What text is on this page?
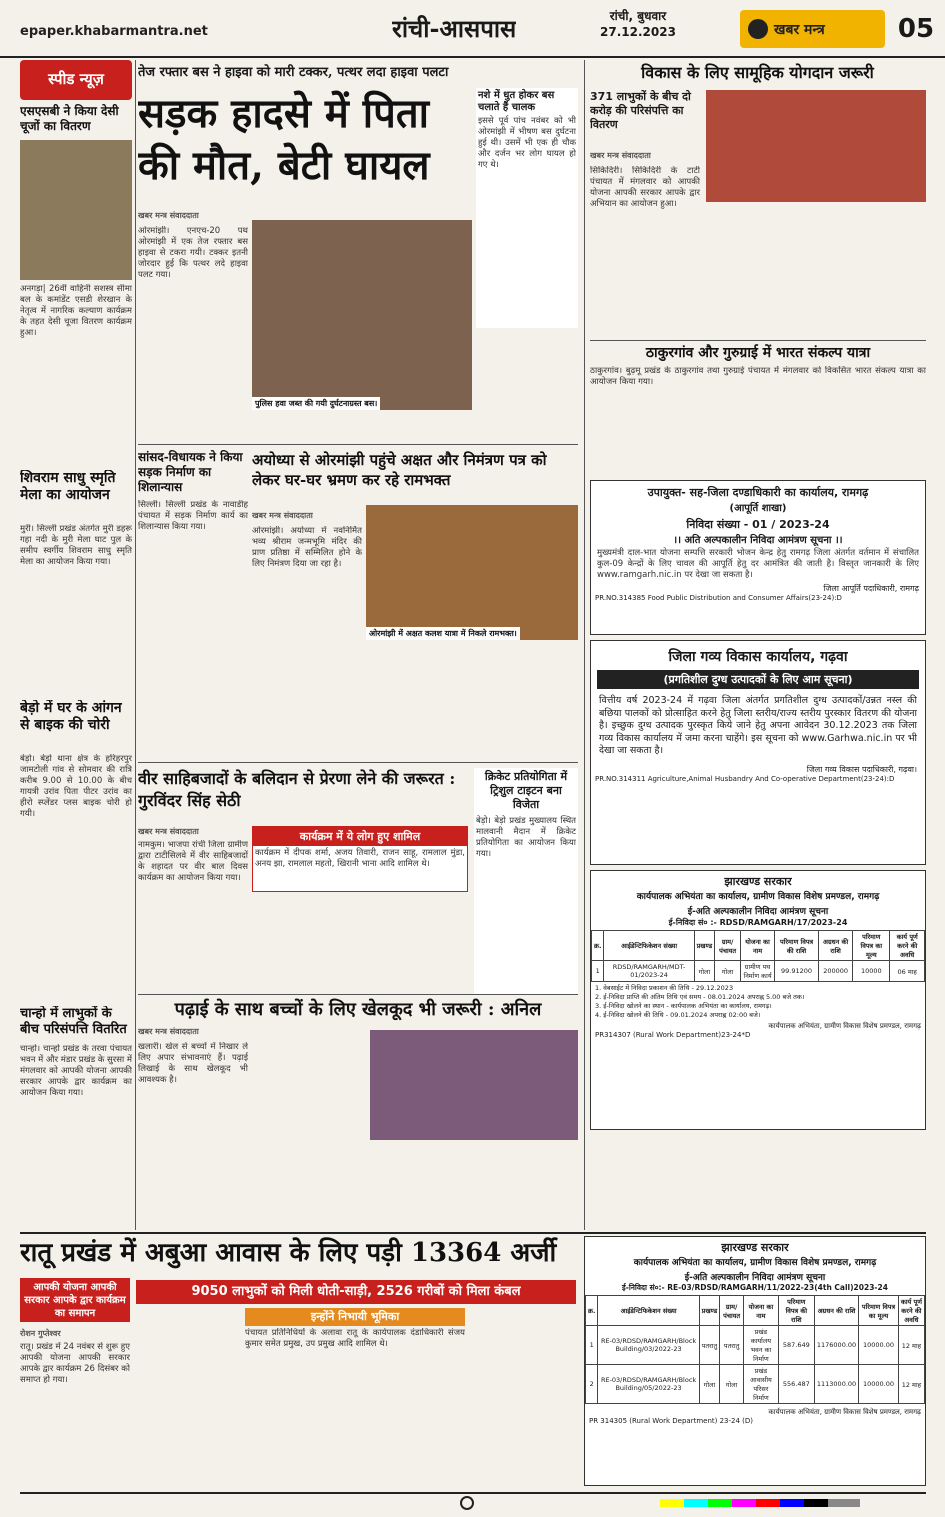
epaper.khabarmantra.net	रांची-आसपास	रांची, बुधवार
27.12.2023	खबर मन्त्र	05
स्पीड न्यूज़
एसएसबी ने किया देसी चूजों का वितरण
अनगड़ा| 26वीं वाहिनी सशस्त्र सीमा बल के कमांडेंट एसडी शेरखान के नेतृत्व में नागरिक कल्याण कार्यक्रम के तहत देसी चूजा वितरण कार्यक्रम हुआ।
शिवराम साधु स्मृति मेला का आयोजन
मुरी। सिल्ली प्रखंड अंतर्गत मुरी डहरू गहा नदी के मुरी मेला घाट पुल के समीप स्वर्गीय शिवराम साधु स्मृति मेला का आयोजन किया गया।
बेड़ो में घर के आंगन से बाइक की चोरी
बेड़ो। बेड़ो थाना क्षेत्र के हरिहरपुर जामटोली गांव से सोमवार की रात्रि करीब 9.00 से 10.00 के बीच गायत्री उरांव पिता पीटर उरांव का हीरो स्प्लेंडर प्लस बाइक चोरी हो गयी।
चान्हो में लाभुकों के बीच परिसंपत्ति वितरित
चान्हो। चान्हो प्रखंड के तरवा पंचायत भवन में और मंडार प्रखंड के सुरसा में मंगलवार को आपकी योजना आपकी सरकार आपके द्वार कार्यक्रम का आयोजन किया गया।
तेज रफ्तार बस ने हाइवा को मारी टक्कर, पत्थर लदा हाइवा पलटा
सड़क हादसे में पिता की मौत, बेटी घायल
नशे में धुत होकर बस चलाते हैं चालक
इससे पूर्व पांच नवंबर को भी ओरमांझी में भीषण बस दुर्घटना हुई थी। उसमें भी एक ही चौक और दर्जन भर लोग घायल हो गए थे।
खबर मन्त्र संवाददाता
ओरमांझी। एनएच-20 पथ ओरमांझी में एक तेज रफ्तार बस हाइवा से टकरा गयी। टक्कर इतनी जोरदार हुई कि पत्थर लदे हाइवा पलट गया।
पुलिस हवा जब्त की गयी दुर्घटनाग्रस्त बस।
सांसद-विधायक ने किया सड़क निर्माण का शिलान्यास
सिल्ली। सिल्ली प्रखंड के नावाडीह पंचायत में सड़क निर्माण कार्य का शिलान्यास किया गया।
अयोध्या से ओरमांझी पहुंचे अक्षत और निमंत्रण पत्र को लेकर घर-घर भ्रमण कर रहे रामभक्त
खबर मन्त्र संवाददाता
ओरमांझी। अयोध्या में नवनिर्मित भव्य श्रीराम जन्मभूमि मंदिर की प्राण प्रतिष्ठा में सम्मिलित होने के लिए निमंत्रण दिया जा रहा है।
ओरमांझी में अक्षत कलश यात्रा में निकले रामभक्त।
वीर साहिबजादों के बलिदान से प्रेरणा लेने की जरूरत : गुरविंदर सिंह सेठी
खबर मन्त्र संवाददाता	कार्यक्रम में ये लोग हुए शामिल
कार्यक्रम में दीपक शर्मा, अजय तिवारी, राजन साहू, रामलाल मुंडा, अनय झा, रामलाल महतो, खिरानी भाना आदि शामिल थे।
नामकुम। भाजपा रांची जिला ग्रामीण द्वारा टाटीसिलवे में वीर साहिबजादों के शहादत पर वीर बाल दिवस कार्यक्रम का आयोजन किया गया।
क्रिकेट प्रतियोगिता में ट्रिशुल टाइटन बना विजेता
बेड़ो। बेड़ो प्रखंड मुख्यालय स्थित मालवानी मैदान में क्रिकेट प्रतियोगिता का आयोजन किया गया।
पढ़ाई के साथ बच्चों के लिए खेलकूद भी जरूरी : अनिल
खबर मन्त्र संवाददाता
खलारी। खेल से बच्चों में निखार ले लिए अपार संभावनाएं हैं। पढ़ाई लिखाई के साथ खेलकूद भी आवश्यक है।
विकास के लिए सामूहिक योगदान जरूरी
371 लाभुकों के बीच दो करोड़ की परिसंपत्ति का वितरण
खबर मन्त्र संवाददाता
सिकिदिरी। सिकिदिरी के टाटी पंचायत में मंगलवार को आपकी योजना आपकी सरकार आपके द्वार अभियान का आयोजन हुआ।
ठाकुरगांव और गुरुग्राई में भारत संकल्प यात्रा
ठाकुरगांव। बुढ़मू प्रखंड के ठाकुरगांव तथा गुरुग्राई पंचायत में मंगलवार को विकसित भारत संकल्प यात्रा का आयोजन किया गया।
उपायुक्त- सह-जिला दण्डाधिकारी का कार्यालय, रामगढ़
(आपूर्ति शाखा)
निविदा संख्या - 01 / 2023-24
।। अति अल्पकालीन निविदा आमंत्रण सूचना ।।
मुख्यमंत्री दाल-भात योजना सम्पत्ति सरकारी भोजन केन्द्र हेतु रामगढ़ जिला अंतर्गत वर्तमान में संचालित कुल-09 केन्द्रों के लिए चावल की आपूर्ति हेतु दर आमंत्रित की जाती है। विस्तृत जानकारी के लिए www.ramgarh.nic.in पर देखा जा सकता है।
जिला आपूर्ति पदाधिकारी, रामगढ़
PR.NO.314385 Food Public Distribution and Consumer Affairs(23-24):D
जिला गव्य विकास कार्यालय, गढ़वा
(प्रगतिशील दुग्ध उत्पादकों के लिए आम सूचना)
वित्तीय वर्ष 2023-24 में गढ़वा जिला अंतर्गत प्रगतिशील दुग्ध उत्पादकों/उन्नत नस्ल की बछिया पालकों को प्रोत्साहित करने हेतु जिला स्तरीय/राज्य स्तरीय पुरस्कार वितरण की योजना है। इच्छुक दुग्ध उत्पादक पुरस्कृत किये जाने हेतु अपना आवेदन 30.12.2023 तक जिला गव्य विकास कार्यालय में जमा करना चाहेंगे। इस सूचना को www.Garhwa.nic.in पर भी देखा जा सकता है।
जिला गव्य विकास पदाधिकारी, गढ़वा।
PR.NO.314311 Agriculture,Animal Husbandry And Co-operative Department(23-24):D
झारखण्ड सरकार
कार्यपालक अभियंता का कार्यालय, ग्रामीण विकास विशेष प्रमण्डल, रामगढ़
ई-अति अल्पकालीन निविदा आमंत्रण सूचना
ई-निविदा सं० :- RDSD/RAMGARH/17/2023-24
क्र.	आईडेन्टिफिकेशन संख्या	प्रखण्ड	ग्राम/पंचायत	योजना का नाम	परिमाण विपत्र की राशि	अग्रधन की राशि	परिमाण विपत्र का मूल्य	कार्य पूर्ण करने की अवधि
1	RDSD/RAMGARH/MDT-01/2023-24	गोला	गोला	ग्रामीण पथ निर्माण कार्य	99.91200	200000	10000	06 माह
1. वेबसाईट में निविदा प्रकाशन की तिथि - 29.12.2023
2. ई-निविदा प्राप्ति की अंतिम तिथि एवं समय - 08.01.2024 अपराह्न 5.00 बजे तक।
3. ई-निविदा खोलने का स्थान - कार्यपालक अभियंता का कार्यालय, रामगढ़।
4. ई-निविदा खोलने की तिथि - 09.01.2024 अपराह्न 02:00 बजे।
कार्यपालक अभियंता, ग्रामीण विकास विशेष प्रमण्डल, रामगढ़
PR314307 (Rural Work Department)23-24*D
रातू प्रखंड में अबुआ आवास के लिए पड़ी 13364 अर्जी
आपकी योजना आपकी सरकार आपके द्वार कार्यक्रम का समापन
रोशन गुप्तेश्वर
रातू। प्रखंड में 24 नवंबर से शुरू हुए आपकी योजना आपकी सरकार आपके द्वार कार्यक्रम 26 दिसंबर को समाप्त हो गया।
9050 लाभुकों को मिली धोती-साड़ी, 2526 गरीबों को मिला कंबल
इन्होंने निभायी भूमिका
पंचायत प्रतिनिधियों के अलावा रातू के कार्यपालक दंडाधिकारी संजय कुमार समेत प्रमुख, उप प्रमुख आदि शामिल थे।
झारखण्ड सरकार
कार्यपालक अभियंता का कार्यालय, ग्रामीण विकास विशेष प्रमण्डल, रामगढ़
ई-अति अल्पकालीन निविदा आमंत्रण सूचना
ई-निविदा सं०:- RE-03/RDSD/RAMGARH/11/2022-23(4th Call)2023-24
क्र.	आईडेन्टिफिकेशन संख्या	प्रखण्ड	ग्राम/पंचायत	योजना का नाम	परिमाण विपत्र की राशि	अग्रधन की राशि	परिमाण विपत्र का मूल्य	कार्य पूर्ण करने की अवधि
1	RE-03/RDSD/RAMGARH/Block Building/03/2022-23	पतरातु	पतरातु	प्रखंड कार्यालय भवन का निर्माण	587.649	1176000.00	10000.00	12 माह
2	RE-03/RDSD/RAMGARH/Block Building/05/2022-23	गोला	गोला	प्रखंड आवासीय परिसर निर्माण	556.487	1113000.00	10000.00	12 माह
कार्यपालक अभियंता, ग्रामीण विकास विशेष प्रमण्डल, रामगढ़
PR 314305 (Rural Work Department) 23-24 (D)
